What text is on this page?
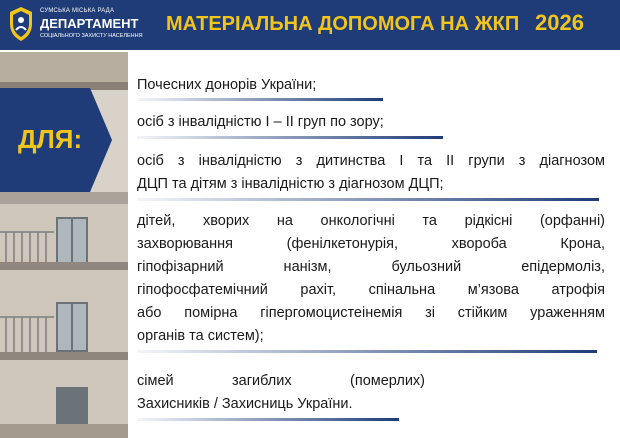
СУМСЬКА МІСЬКА РАДА
ДЕПАРТАМЕНТ
СОЦІАЛЬНОГО ЗАХИСТУ НАСЕЛЕННЯ
МАТЕРІАЛЬНА ДОПОМОГА НА ЖКП 2026
ДЛЯ:

Почесних донорів України;

осіб з інвалідністю I – II груп по зору;

осіб з інвалідністю з дитинства I та II групи з діагнозом

ДЦП та дітям з інвалідністю з діагнозом ДЦП;

дітей, хворих на онкологічні та рідкісні (орфанні)

захворювання (фенілкетонурія, хвороба Крона,

гіпофізарний нанізм, бульозний епідермоліз,

гіпофосфатемічний рахіт, спінальна м’язова атрофія

або помірна гіпергомоцистеінемія зі стійким ураженням

органів та систем);

сімей загиблих (померлих)

Захисників / Захисниць України.
